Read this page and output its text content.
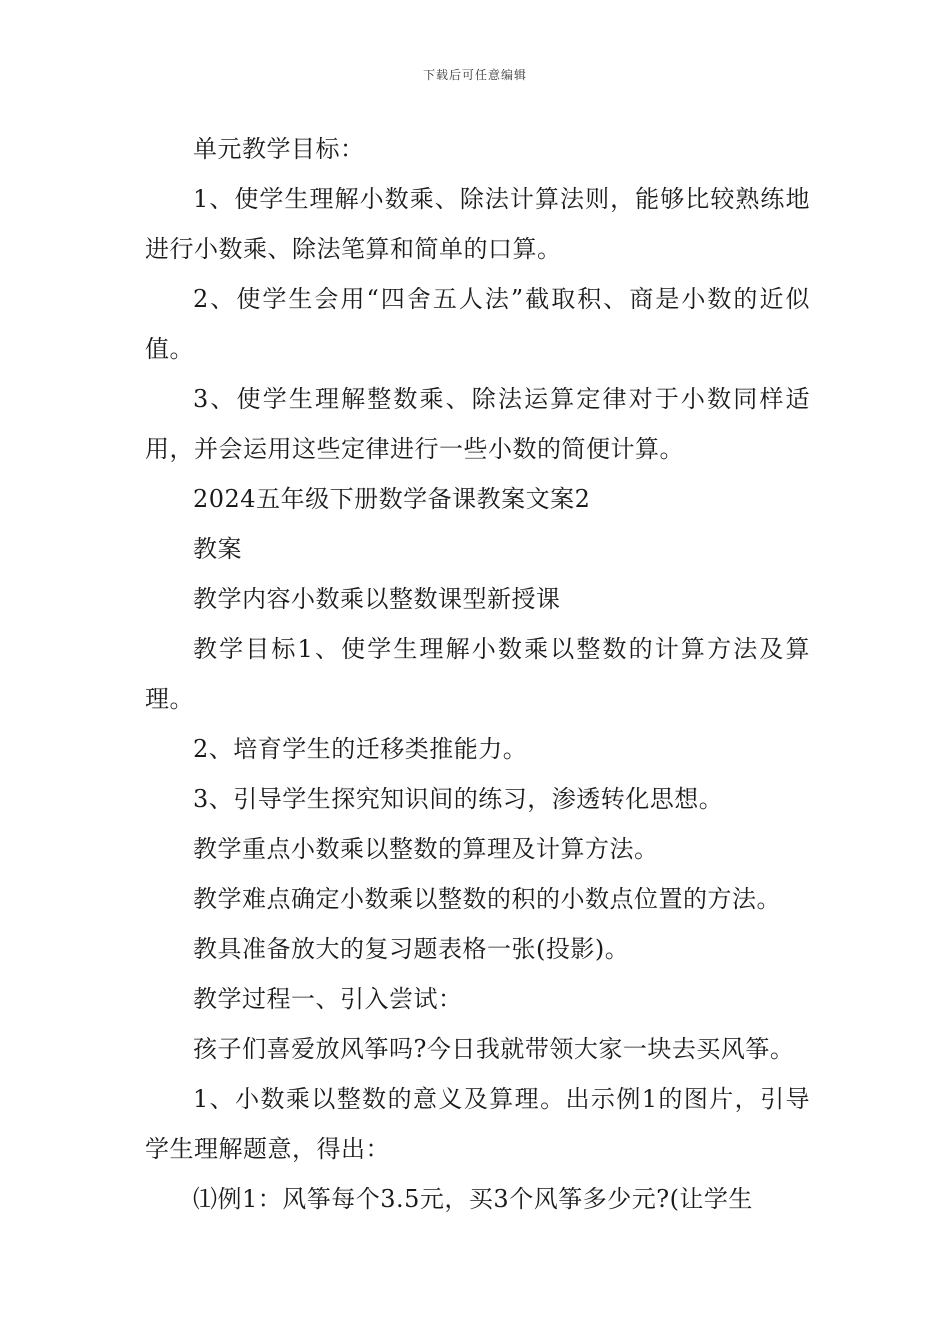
下载后可任意编辑

单元教学目标：

1、使学生理解小数乘、除法计算法则，能够比较熟练地进行小数乘、除法笔算和简单的口算。

2、使学生会用“四舍五人法”截取积、商是小数的近似值。

3、使学生理解整数乘、除法运算定律对于小数同样适用，并会运用这些定律进行一些小数的简便计算。

2024五年级下册数学备课教案文案2

教案

教学内容小数乘以整数课型新授课

教学目标1、使学生理解小数乘以整数的计算方法及算理。

2、培育学生的迁移类推能力。

3、引导学生探究知识间的练习，渗透转化思想。

教学重点小数乘以整数的算理及计算方法。

教学难点确定小数乘以整数的积的小数点位置的方法。

教具准备放大的复习题表格一张(投影)。

教学过程一、引入尝试：

孩子们喜爱放风筝吗?今日我就带领大家一块去买风筝。

1、小数乘以整数的意义及算理。出示例1的图片，引导学生理解题意，得出：

⑴例1：风筝每个3.5元，买3个风筝多少元?(让学生
